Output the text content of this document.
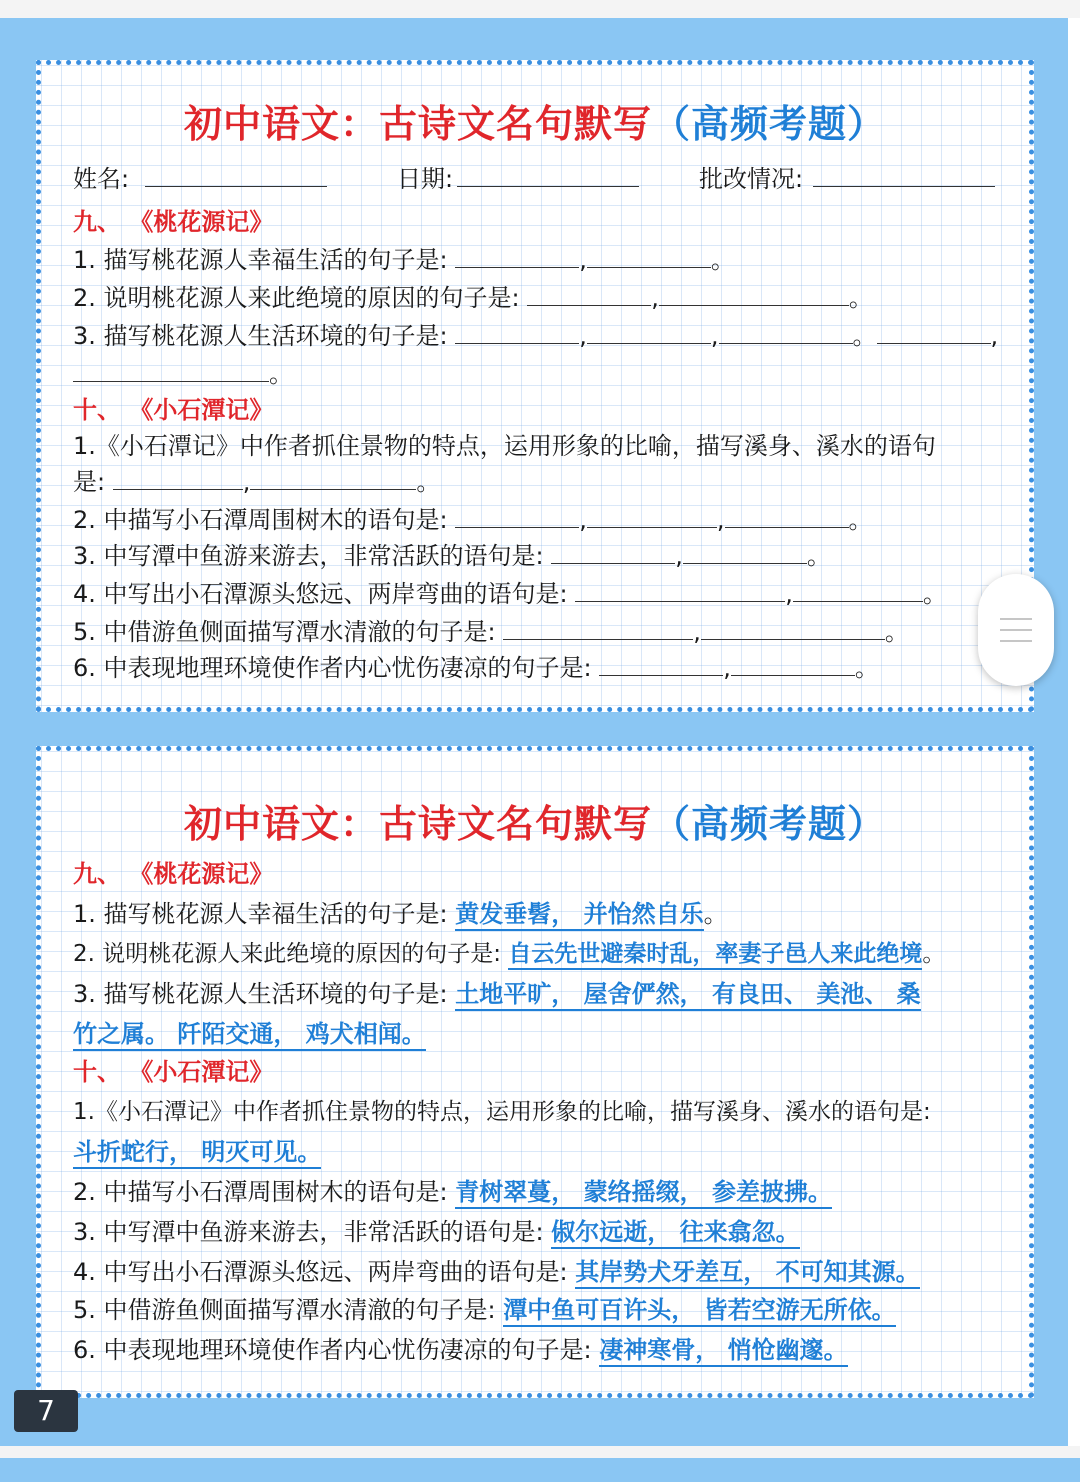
初中语文：古诗文名句默写（高频考题）
姓名:	日期:	批改情况:
九、 《桃花源记》
1. 描写桃花源人幸福生活的句子是:	,	。
2. 说明桃花源人来此绝境的原因的句子是:	,	。
3. 描写桃花源人生活环境的句子是:	,	,	。	,
。
十、 《小石潭记》
1.《小石潭记》中作者抓住景物的特点，运用形象的比喻，描写溪身、溪水的语句
是:	,	。
2. 中描写小石潭周围树木的语句是:	,	,	。
3. 中写潭中鱼游来游去，非常活跃的语句是:	,	。
4. 中写出小石潭源头悠远、两岸弯曲的语句是:	,	。
5. 中借游鱼侧面描写潭水清澈的句子是:	,	。
6. 中表现地理环境使作者内心忧伤凄凉的句子是:	,	。
初中语文：古诗文名句默写（高频考题）
九、 《桃花源记》
1. 描写桃花源人幸福生活的句子是: 黄发垂髫， 并怡然自乐。
2. 说明桃花源人来此绝境的原因的句子是: 自云先世避秦时乱，率妻子邑人来此绝境。
3. 描写桃花源人生活环境的句子是: 土地平旷， 屋舍俨然， 有良田、 美池、 桑
竹之属。 阡陌交通， 鸡犬相闻。
十、 《小石潭记》
1.《小石潭记》中作者抓住景物的特点，运用形象的比喻，描写溪身、溪水的语句是:
斗折蛇行， 明灭可见。
2. 中描写小石潭周围树木的语句是: 青树翠蔓， 蒙络摇缀， 参差披拂。
3. 中写潭中鱼游来游去，非常活跃的语句是: 俶尔远逝， 往来翕忽。
4. 中写出小石潭源头悠远、两岸弯曲的语句是: 其岸势犬牙差互， 不可知其源。
5. 中借游鱼侧面描写潭水清澈的句子是: 潭中鱼可百许头， 皆若空游无所依。
6. 中表现地理环境使作者内心忧伤凄凉的句子是: 凄神寒骨， 悄怆幽邃。
7
